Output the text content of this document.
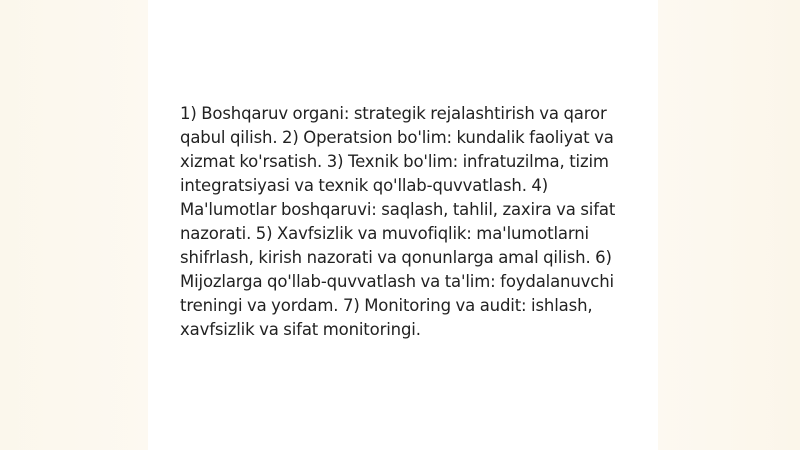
1) Boshqaruv organi: strategik rejalashtirish va qaror qabul qilish. 2) Operatsion bo'lim: kundalik faoliyat va xizmat ko'rsatish. 3) Texnik bo'lim: infratuzilma, tizim integratsiyasi va texnik qo'llab-quvvatlash. 4) Ma'lumotlar boshqaruvi: saqlash, tahlil, zaxira va sifat nazorati. 5) Xavfsizlik va muvofiqlik: ma'lumotlarni shifrlash, kirish nazorati va qonunlarga amal qilish. 6) Mijozlarga qo'llab-quvvatlash va ta'lim: foydalanuvchi treningi va yordam. 7) Monitoring va audit: ishlash, xavfsizlik va sifat monitoringi.
